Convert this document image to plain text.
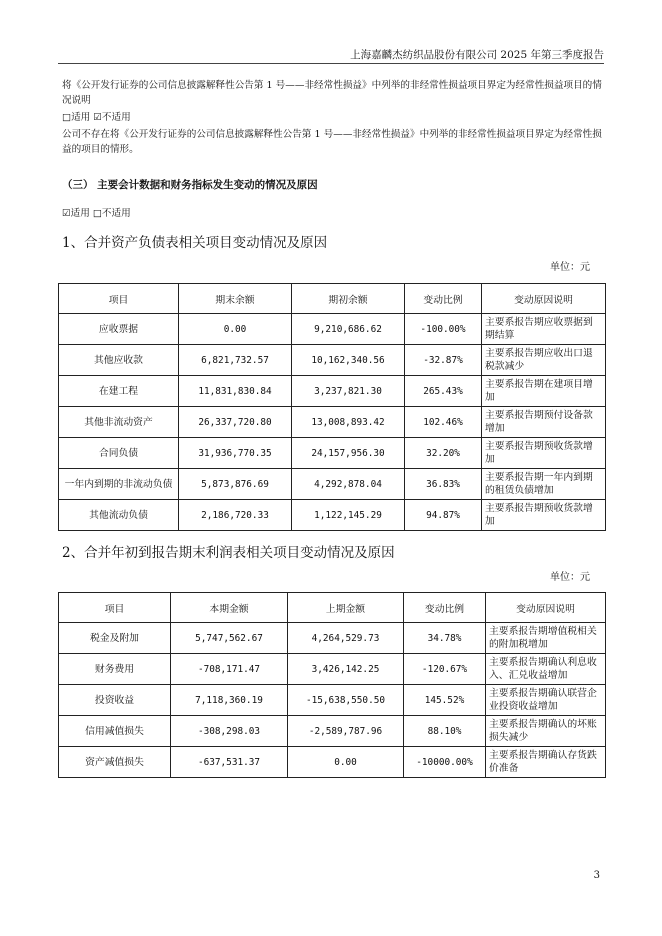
上海嘉麟杰纺织品股份有限公司 2025 年第三季度报告
将《公开发行证券的公司信息披露解释性公告第 1 号——非经常性损益》中列举的非经常性损益项目界定为经常性损益项目的情况说明
□适用 ☑不适用
公司不存在将《公开发行证券的公司信息披露解释性公告第 1 号——非经常性损益》中列举的非经常性损益项目界定为经常性损益的项目的情形。
（三） 主要会计数据和财务指标发生变动的情况及原因
☑适用 □不适用
1、合并资产负债表相关项目变动情况及原因
单位：元
项目	期末余额	期初余额	变动比例	变动原因说明
应收票据	0.00	9,210,686.62	-100.00%	主要系报告期应收票据到期结算
其他应收款	6,821,732.57	10,162,340.56	-32.87%	主要系报告期应收出口退税款减少
在建工程	11,831,830.84	3,237,821.30	265.43%	主要系报告期在建项目增加
其他非流动资产	26,337,720.80	13,008,893.42	102.46%	主要系报告期预付设备款增加
合同负债	31,936,770.35	24,157,956.30	32.20%	主要系报告期预收货款增加
一年内到期的非流动负债	5,873,876.69	4,292,878.04	36.83%	主要系报告期一年内到期的租赁负债增加
其他流动负债	2,186,720.33	1,122,145.29	94.87%	主要系报告期预收货款增加
2、合并年初到报告期末利润表相关项目变动情况及原因
单位：元
项目	本期金额	上期金额	变动比例	变动原因说明
税金及附加	5,747,562.67	4,264,529.73	34.78%	主要系报告期增值税相关的附加税增加
财务费用	-708,171.47	3,426,142.25	-120.67%	主要系报告期确认利息收入、汇兑收益增加
投资收益	7,118,360.19	-15,638,550.50	145.52%	主要系报告期确认联营企业投资收益增加
信用减值损失	-308,298.03	-2,589,787.96	88.10%	主要系报告期确认的坏账损失减少
资产减值损失	-637,531.37	0.00	-10000.00%	主要系报告期确认存货跌价准备
3
